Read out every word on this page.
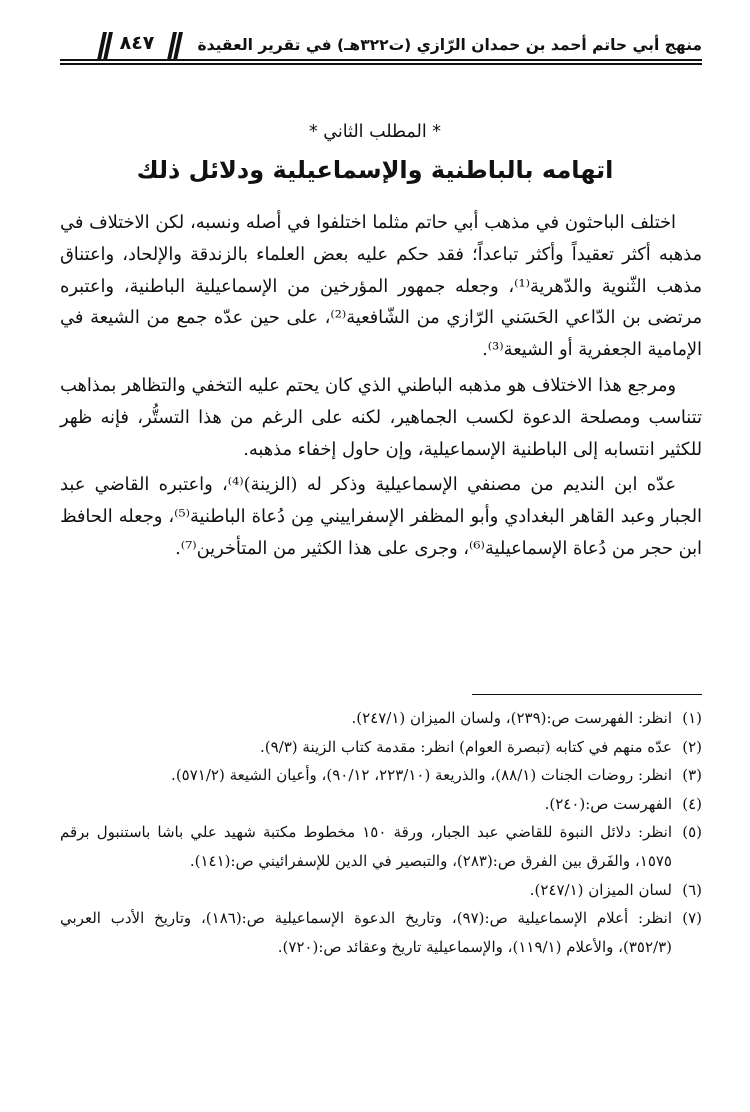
منهج أبي حاتم أحمد بن حمدان الرّازي (ت٣٢٢هـ) في تقرير العقيدة
٨٤٧
* المطلب الثاني *
اتهامه بالباطنية والإسماعيلية ودلائل ذلك

اختلف الباحثون في مذهب أبي حاتم مثلما اختلفوا في أصله ونسبه، لكن الاختلاف في مذهبه أكثر تعقيداً وأكثر تباعداً؛ فقد حكم عليه بعض العلماء بالزندقة والإلحاد، واعتناق مذهب الثّنوية والدّهرية⁽¹⁾، وجعله جمهور المؤرخين من الإسماعيلية الباطنية، واعتبره مرتضى بن الدّاعي الحَسَني الرّازي من الشّافعية⁽²⁾، على حين عدّه جمع من الشيعة في الإمامية الجعفرية أو الشيعة⁽³⁾.

ومرجع هذا الاختلاف هو مذهبه الباطني الذي كان يحتم عليه التخفي والتظاهر بمذاهب تتناسب ومصلحة الدعوة لكسب الجماهير، لكنه على الرغم من هذا التستُّر، فإنه ظهر للكثير انتسابه إلى الباطنية الإسماعيلية، وإن حاول إخفاء مذهبه.

عدّه ابن النديم من مصنفي الإسماعيلية وذكر له (الزينة)⁽⁴⁾، واعتبره القاضي عبد الجبار وعبد القاهر البغدادي وأبو المظفر الإسفراييني مِن دُعاة الباطنية⁽⁵⁾، وجعله الحافظ ابن حجر من دُعاة الإسماعيلية⁽⁶⁾، وجرى على هذا الكثير من المتأخرين⁽⁷⁾.

(١)
انظر: الفهرست ص:(٢٣٩)، ولسان الميزان (٢٤٧/١).
(٢)
عدّه منهم في كتابه (تبصرة العوام) انظر: مقدمة كتاب الزينة (٩/٣).
(٣)
انظر: روضات الجنات (٨٨/١)، والذريعة (٢٢٣/١٠، ٩٠/١٢)، وأعيان الشيعة (٥٧١/٢).
(٤)
الفهرست ص:(٢٤٠).
(٥)
انظر: دلائل النبوة للقاضي عبد الجبار، ورقة ١٥٠ مخطوط مكتبة شهيد علي باشا باستنبول برقم ١٥٧٥، والفَرق بين الفرق ص:(٢٨٣)، والتبصير في الدين للإسفرائيني ص:(١٤١).
(٦)
لسان الميزان (٢٤٧/١).
(٧)
انظر: أعلام الإسماعيلية ص:(٩٧)، وتاريخ الدعوة الإسماعيلية ص:(١٨٦)، وتاريخ الأدب العربي (٣٥٢/٣)، والأعلام (١١٩/١)، والإسماعيلية تاريخ وعقائد ص:(٧٢٠).
